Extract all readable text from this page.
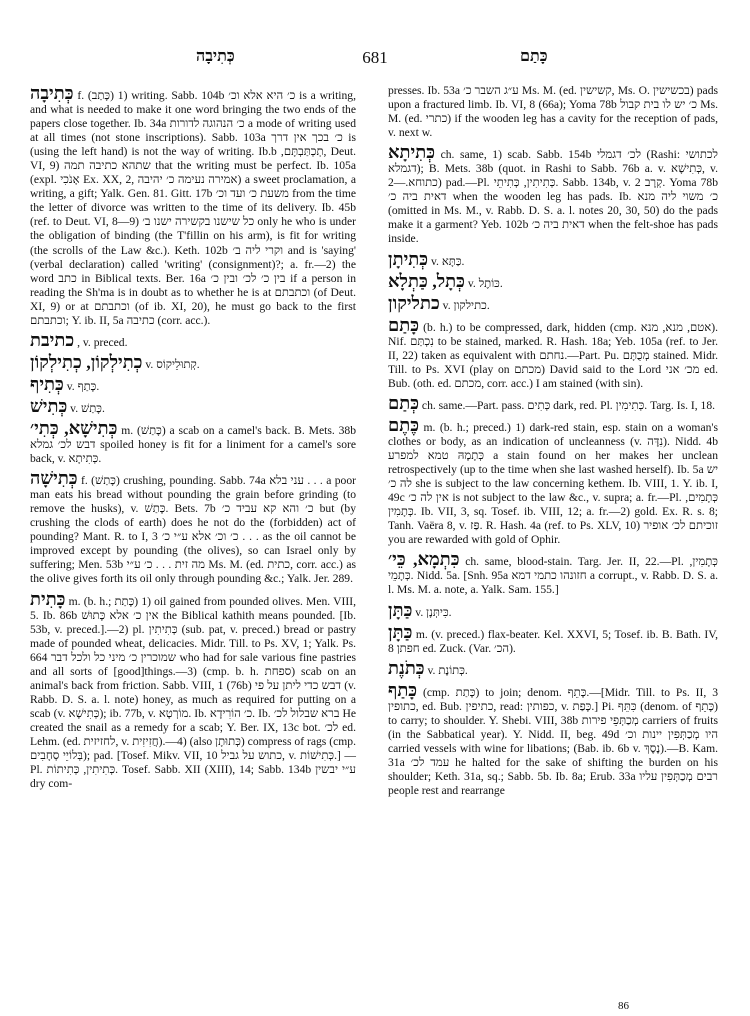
כְּתִיבָה	681	כָּתַם

כְּתִיבָה f. (כָּתַב) 1) writing. Sabb. 104b כ׳ היא אלא וכ׳ is a writing, and what is needed to make it one word bringing the two ends of the papers close together. Ib. 34a כ׳ הנהוגה לדורות a mode of writing used at all times (not stone inscriptions). Sabb. 103a כ׳ בכך אין דרך is (using the left hand) is not the way of writing. Ib.b ,תְכְתַּבְתָּם, Deut. VI, 9) שתהא כתיבה תמה that the writing must be perfect. Ib. 105a (expl. אָנֹכִי Ex. XX, 2, אמירה נעימה כ׳ יהיבה) a sweet proclamation, a writing, a gift; Yalk. Gen. 81. Gitt. 17b משעת כ׳ ועד וכ׳ from the time the letter of divorce was written to the time of its delivery. Ib. 45b (ref. to Deut. VI, 8—9) כל שישנו בקשירה ישנו ב׳ only he who is under the obligation of binding (the T'fillin on his arm), is fit for writing (the scrolls of the Law &c.). Keth. 102b וקרי ליה ב׳ and is 'saying' (verbal declaration) called 'writing' (consignment)?; a. fr.—2) the word כתב in Biblical texts. Ber. 16a בין כ׳ לכ׳ ובין כ׳ if a person in reading the Sh'ma is in doubt as to whether he is at וכתבתם (of Deut. XI, 9) or at וכתבתם (of ib. XI, 20), he must go back to the first וכתבתם; Y. ib. II, 5a כתיבה (corr. acc.).

כתיבת , v. preced.

כְתִילְקוֹן, כְתִילְקוֹן v. קְתוּלֵיקוֹס.

כְּתִיף v. כָּתַף.

כְּתִישׁ v. כָּתַשׁ.

כְּתִישָׁא, כְּתִי׳ m. (כָּתַשׁ) a scab on a camel's back. B. Mets. 38b דבש לכ׳ גמלא spoiled honey is fit for a liniment for a camel's sore back, v. כְּתִיתָא.

כְּתִישָׁה f. (כָּתַשׁ) crushing, pounding. Sabb. 74a עני בלא . . . a poor man eats his bread without pounding the grain before grinding (to remove the husks), v. כָּתַשׁ. Bets. 7b כ׳ והא קא עביד כ׳ but (by crushing the clods of earth) does he not do the (forbidden) act of pounding? Mant. R. to I, 3 כ׳ וכ׳ אלא ע״י כ׳ . . . as the oil cannot be improved except by pounding (the olives), so can Israel only by suffering; Men. 53b מה זית . . . כ׳ ע״י Ms. M. (ed. כתית, corr. acc.) as the olive gives forth its oil only through pounding &c.; Yalk. Jer. 289.

כָּתִית m. (b. h.; כָּתַת) 1) oil gained from pounded olives. Men. VIII, 5. Ib. 86b אין כ׳ אלא כָּתוּשׁ the Biblical kathith means pounded. [Ib. 53b, v. preced.].—2) pl. כְּתִיתִין (sub. pat, v. preced.) bread or pastry made of pounded wheat, delicacies. Midr. Till. to Ps. XV, 1; Yalk. Ps. 664 שמוכרין כ׳ מיני כל ולכל דבר who had for sale various fine pastries and all sorts of [good]things.—3) (cmp. b. h. ספחת) scab on an animal's back from friction. Sabb. VIII, 1 (76b) דבש כדי ליתן על פי (v. Rabb. D. S. a. l. note) honey, as much as required for putting on a scab (v. כְּתִישָׁא); ib. 77b, v. מוֹרְטָא. Ib. כ׳ הוֹרִידָא. Ib. ברא שבלול לכ׳ He created the snail as a remedy for a scab; Y. Ber. IX, 13c bot. לכ׳ ed. Lehm. (ed. לחזיזית, v. חֲזִיזִית).—4) (also כְּתוּתָן) compress of rags (cmp. בְּלוֹיֵי סְחָבִים); pad. [Tosef. Mikv. VII, 10 כתוש על גביל, v. כְּתִישׁוֹת.] —Pl. כְּתִיתִין, כְּתִיתוֹת. Tosef. Sabb. XII (XIII), 14; Sabb. 134b ע״י יבשין dry com-

presses. Ib. 53a ע״ג השבר כ׳ Ms. M. (ed. קשישין, Ms. O. בכשישין) pads upon a fractured limb. Ib. VI, 8 (66a); Yoma 78b כ׳ יש לו בית קבול Ms. M. (ed. כתרי) if the wooden leg has a cavity for the reception of pads, v. next w.

כְּתִיתָא ch. same, 1) scab. Sabb. 154b לכ׳ דגמלי (Rashi: לכתושי דגמלא); B. Mets. 38b (quot. in Rashi to Sabb. 76b a. v. כְּתִישָׁא, v. כתוחא.—2) pad.—Pl. כְּתִיתִין, כְּתִיתֵי. Sabb. 134b, v. קְרָב 2. Yoma 78b דאית ביה כ׳ when the wooden leg has pads. Ib. כ׳ משוי ליה מנא (omitted in Ms. M., v. Rabb. D. S. a. l. notes 20, 30, 50) do the pads make it a garment? Yeb. 102b דאית ביה כ׳ when the felt-shoe has pads inside.

כְּתִיתָן v. כַּתָּא.

כְּתָל, כַּתְלָא v. כּוֹתֶל.

כתליקון v. כתילקון.

כָּתַם (b. h.) to be compressed, dark, hidden (cmp. אטם, מנא, מנא). Nif. נִכְתַּם to be stained, marked. R. Hash. 18a; Yeb. 105a (ref. to Jer. II, 22) taken as equivalent with נחתם.—Part. Pu. מְכֻתָּם stained. Midr. Till. to Ps. XVI (play on מכתם) David said to the Lord מכ׳ אני ed. Bub. (oth. ed. מכתם, corr. acc.) I am stained (with sin).

כְּתַם ch. same.—Part. pass. כְּתִים dark, red. Pl. כְּתִימִין. Targ. Is. I, 18.

כֶּתֶם m. (b. h.; preced.) 1) dark-red stain, esp. stain on a woman's clothes or body, as an indication of uncleanness (v. נִדָּה). Nidd. 4b כְּתָמָהּ טמא למפרע a stain found on her makes her unclean retrospectively (up to the time when she last washed herself). Ib. 5a יש לה כ׳ she is subject to the law concerning kethem. Ib. VIII, 1. Y. ib. I, 49c אין לה כ׳ is not subject to the law &c., v. supra; a. fr.—Pl. כְּתָמִים, כְּתָמִין. Ib. VII, 3, sq. Tosef. ib. VIII, 12; a. fr.—2) gold. Ex. R. s. 8; Tanh. Vaëra 8, v. פַּז. R. Hash. 4a (ref. to Ps. XLV, 10) זוכיתם לכ׳ אופיר you are rewarded with gold of Ophir.

כִּתְמָא, כֵּי׳ ch. same, blood-stain. Targ. Jer. II, 22.—Pl. כְּתָמִין, כְּתָמֵי. Nidd. 5a. [Snh. 95a חזונהו כתמי דמא a corrupt., v. Rabb. D. S. a. l. Ms. M. a. note, a. Yalk. Sam. 155.]

כַּתָּן v. כִּיתְּנָן.

כַּתָּן m. (v. preced.) flax-beater. Kel. XXVI, 5; Tosef. ib. B. Bath. IV, 8 חפתן ed. Zuck. (Var. הכ׳).

כְּתֹנֶת v. כְּתוֹנֶת.

כָּתַף (cmp. כָּתַת) to join; denom. כָּתֵף.—[Midr. Till. to Ps. II, 3 כתופין, ed. Bub. כתיפין, read: כפותין, v. כָּפַת.] Pi. כִּתֵּף (denom. of כָּתֵף) to carry; to shoulder. Y. Shebi. VIII, 38b מְכַתְּפֵי פירות carriers of fruits (in the Sabbatical year). Y. Nidd. II, beg. 49d היו מְכַתְּפִין יינות וכ׳ carried vessels with wine for libations; (Bab. ib. 6b v. נֶסֶךְ).—B. Kam. 31a עמד לכ׳ he halted for the sake of shifting the burden on his shoulder; Keth. 31a, sq.; Sabb. 5b. Ib. 8a; Erub. 33a רבים מְכַתְּפִין עליו people rest and rearrange

86
